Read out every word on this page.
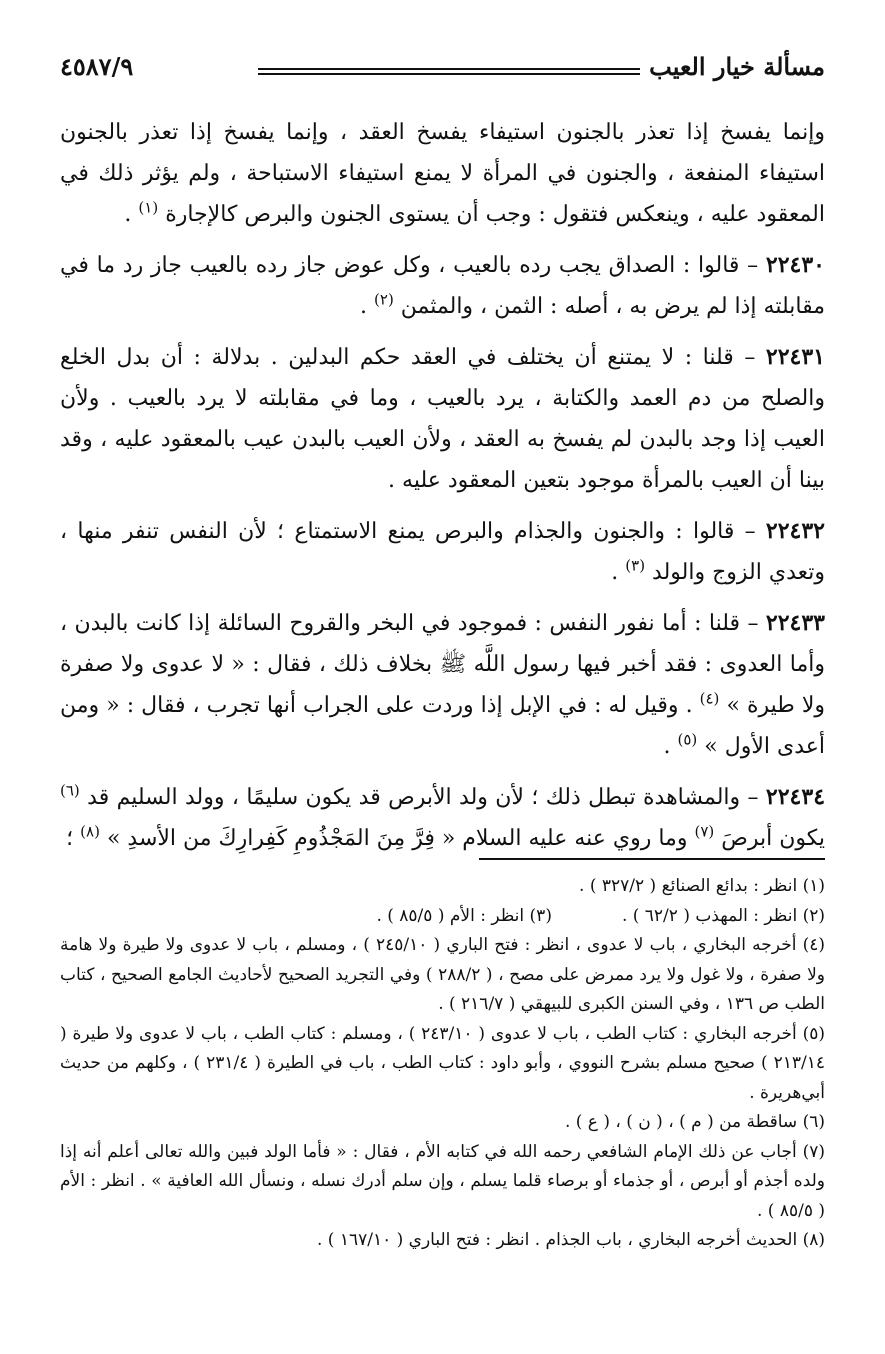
مسألة خيار العيب
٤٥٨٧/٩

وإنما يفسخ إذا تعذر بالجنون استيفاء يفسخ العقد ، وإنما يفسخ إذا تعذر بالجنون استيفاء المنفعة ، والجنون في المرأة لا يمنع استيفاء الاستباحة ، ولم يؤثر ذلك في المعقود عليه ، وينعكس فتقول : وجب أن يستوى الجنون والبرص كالإجارة $^{(١)}$ .

٢٢٤٣٠ – قالوا : الصداق يجب رده بالعيب ، وكل عوض جاز رده بالعيب جاز رد ما في مقابلته إذا لم يرض به ، أصله : الثمن ، والمثمن $^{(٢)}$ .

٢٢٤٣١ – قلنا : لا يمتنع أن يختلف في العقد حكم البدلين . بدلالة : أن بدل الخلع والصلح من دم العمد والكتابة ، يرد بالعيب ، وما في مقابلته لا يرد بالعيب . ولأن العيب إذا وجد بالبدن لم يفسخ به العقد ، ولأن العيب بالبدن عيب بالمعقود عليه ، وقد بينا أن العيب بالمرأة موجود بتعين المعقود عليه .

٢٢٤٣٢ – قالوا : والجنون والجذام والبرص يمنع الاستمتاع ؛ لأن النفس تنفر منها ، وتعدي الزوج والولد $^{(٣)}$ .

٢٢٤٣٣ – قلنا : أما نفور النفس : فموجود في البخر والقروح السائلة إذا كانت بالبدن ، وأما العدوى : فقد أخبر فيها رسول اللَّه ﷺ بخلاف ذلك ، فقال : « لا عدوى ولا صفرة ولا طيرة » $^{(٤)}$ . وقيل له : في الإبل إذا وردت على الجراب أنها تجرب ، فقال : « ومن أعدى الأول » $^{(٥)}$ .

٢٢٤٣٤ – والمشاهدة تبطل ذلك ؛ لأن ولد الأبرص قد يكون سليمًا ، وولد السليم قد $^{(٦)}$ يكون أبرصَ $^{(٧)}$ وما روي عنه عليه السلام « فِرَّ مِنَ المَجْذُومِ كَفِرارِكَ من الأسدِ » $^{(٨)}$ ؛

(١) انظر : بدائع الصنائع ( ٣٢٧/٢ ) .

(٢) انظر : المهذب ( ٦٢/٢ ) .

(٣) انظر : الأم ( ٨٥/٥ ) .

(٤) أخرجه البخاري ، باب لا عدوى ، انظر : فتح الباري ( ٢٤٥/١٠ ) ، ومسلم ، باب لا عدوى ولا طيرة ولا هامة ولا صفرة ، ولا غول ولا يرد ممرض على مصح ، ( ٢٨٨/٢ ) وفي التجريد الصحيح لأحاديث الجامع الصحيح ، كتاب الطب ص ١٣٦ ، وفي السنن الكبرى للبيهقي ( ٢١٦/٧ ) .

(٥) أخرجه البخاري : كتاب الطب ، باب لا عدوى ( ٢٤٣/١٠ ) ، ومسلم : كتاب الطب ، باب لا عدوى ولا طيرة ( ٢١٣/١٤ ) صحيح مسلم بشرح النووي ، وأبو داود : كتاب الطب ، باب في الطيرة ( ٢٣١/٤ ) ، وكلهم من حديث أبي‌هريرة .

(٦) ساقطة من ( م ) ، ( ن ) ، ( ع ) .

(٧) أجاب عن ذلك الإمام الشافعي رحمه الله في كتابه الأم ، فقال : « فأما الولد فبين والله تعالى أعلم أنه إذا ولده أجذم أو أبرص ، أو جذماء أو برصاء قلما يسلم ، وإن سلم أدرك نسله ، ونسأل الله العافية » . انظر : الأم ( ٨٥/٥ ) .

(٨) الحديث أخرجه البخاري ، باب الجذام . انظر : فتح الباري ( ١٦٧/١٠ ) .
